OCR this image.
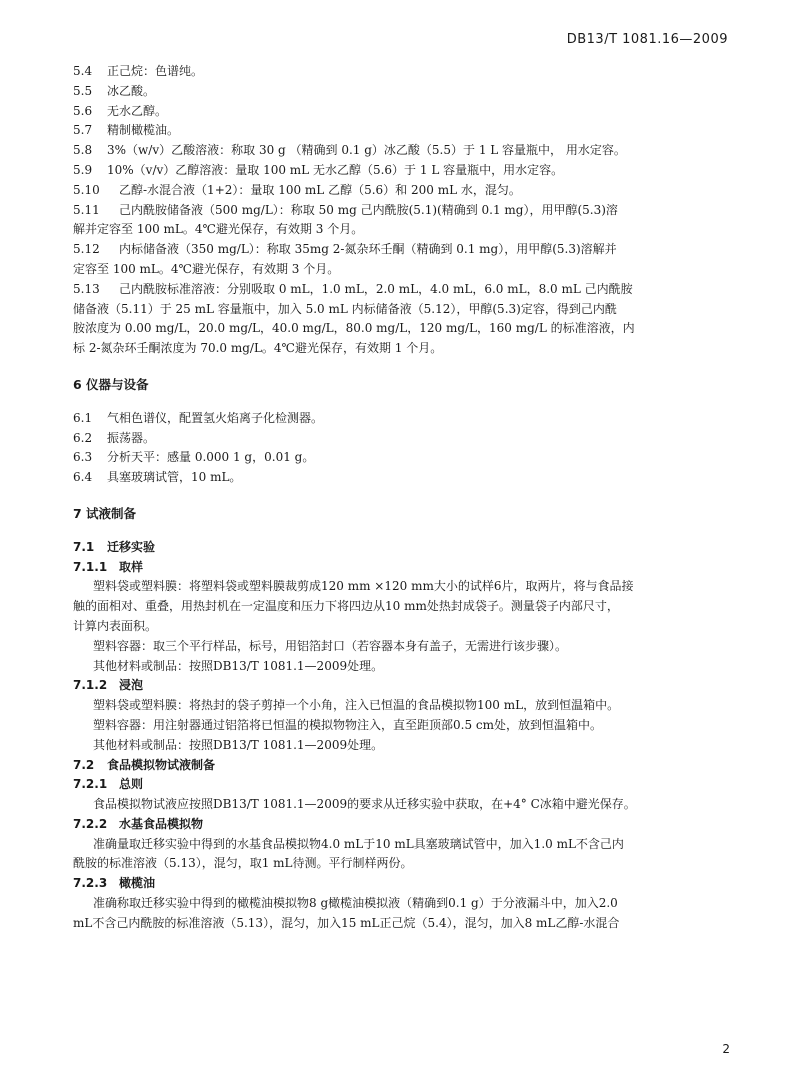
DB13/T 1081.16—2009
5.4	正己烷：色谱纯。
5.5	冰乙酸。
5.6	无水乙醇。
5.7	精制橄榄油。
5.8	3%（w/v）乙酸溶液：称取 30 g （精确到 0.1 g）冰乙酸（5.5）于 1 L 容量瓶中， 用水定容。
5.9	10%（v/v）乙醇溶液：量取 100 mL 无水乙醇（5.6）于 1 L 容量瓶中，用水定容。
5.10	乙醇-水混合液（1+2）：量取 100 mL 乙醇（5.6）和 200 mL 水，混匀。
5.11	己内酰胺储备液（500 mg/L）：称取 50 mg 己内酰胺(5.1)(精确到 0.1 mg），用甲醇(5.3)溶
解并定容至 100 mL。4℃避光保存，有效期 3 个月。
5.12	内标储备液（350 mg/L）：称取 35mg 2-氮杂环壬酮（精确到 0.1 mg），用甲醇(5.3)溶解并
定容至 100 mL。4℃避光保存，有效期 3 个月。
5.13	己内酰胺标准溶液：分别吸取 0 mL，1.0 mL，2.0 mL，4.0 mL，6.0 mL，8.0 mL 己内酰胺
储备液（5.11）于 25 mL 容量瓶中，加入 5.0 mL 内标储备液（5.12），甲醇(5.3)定容，得到己内酰
胺浓度为 0.00 mg/L，20.0 mg/L，40.0 mg/L，80.0 mg/L，120 mg/L，160 mg/L 的标准溶液，内
标 2-氮杂环壬酮浓度为 70.0 mg/L。4℃避光保存，有效期 1 个月。
6 仪器与设备
6.1	气相色谱仪，配置氢火焰离子化检测器。
6.2	振荡器。
6.3	分析天平：感量 0.000 1 g，0.01 g。
6.4	具塞玻璃试管，10 mL。
7 试液制备
7.1	迁移实验
7.1.1 取样
塑料袋或塑料膜：将塑料袋或塑料膜裁剪成120 mm ×120 mm大小的试样6片，取两片，将与食品接
触的面相对、重叠，用热封机在一定温度和压力下将四边从10 mm处热封成袋子。测量袋子内部尺寸，
计算内表面积。
塑料容器：取三个平行样品，标号，用铝箔封口（若容器本身有盖子，无需进行该步骤）。
其他材料或制品：按照DB13/T 1081.1—2009处理。
7.1.2 浸泡
塑料袋或塑料膜：将热封的袋子剪掉一个小角，注入已恒温的食品模拟物100 mL，放到恒温箱中。
塑料容器：用注射器通过铝箔将已恒温的模拟物物注入，直至距顶部0.5 cm处，放到恒温箱中。
其他材料或制品：按照DB13/T 1081.1—2009处理。
7.2	食品模拟物试液制备
7.2.1 总则
食品模拟物试液应按照DB13/T 1081.1—2009的要求从迁移实验中获取，在+4° C冰箱中避光保存。
7.2.2 水基食品模拟物
准确量取迁移实验中得到的水基食品模拟物4.0 mL于10 mL具塞玻璃试管中，加入1.0 mL不含己内
酰胺的标准溶液（5.13），混匀，取1 mL待测。平行制样两份。
7.2.3 橄榄油
准确称取迁移实验中得到的橄榄油模拟物8 g橄榄油模拟液（精确到0.1 g）于分液漏斗中，加入2.0
mL不含己内酰胺的标准溶液（5.13），混匀，加入15 mL正己烷（5.4），混匀，加入8 mL乙醇-水混合
2
